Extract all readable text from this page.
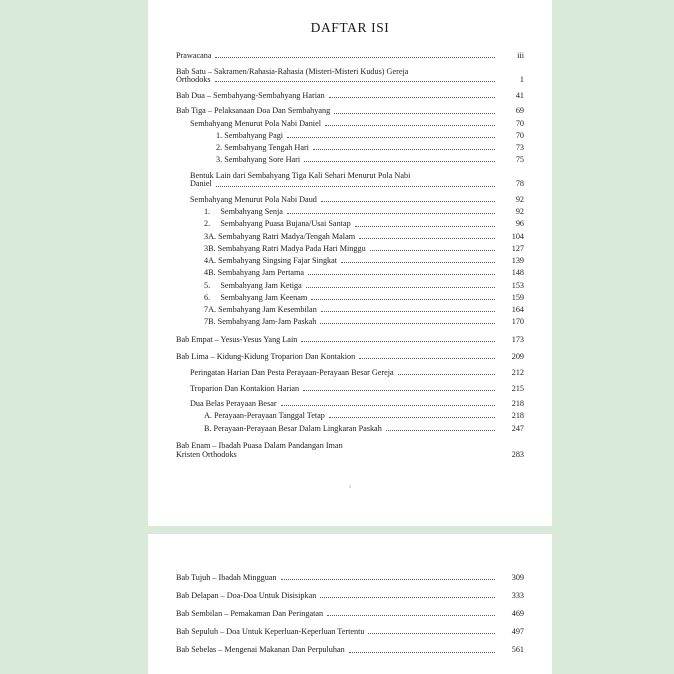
DAFTAR ISI
Prawacana	iii
Bab Satu – Sakramen/Rahasia-Rahasia (Misteri-Misteri Kudus) Gereja
Orthodoks	1
Bab Dua – Sembahyang-Sembahyang Harian	41
Bab Tiga – Pelaksanaan Doa Dan Sembahyang	69
Sembahyang Menurut Pola Nabi Daniel	70
1. Sembahyang Pagi	70
2. Sembahyang Tengah Hari	73
3. Sembahyang Sore Hari	75
Bentuk Lain dari Sembahyang Tiga Kali Sehari Menurut Pola Nabi
Daniel	78
Sembahyang Menurut Pola Nabi Daud	92
1.     Sembahyang Senja	92
2.     Sembahyang Puasa Bujana/Usai Santap	96
3A. Sembahyang Ratri Madya/Tengah Malam	104
3B. Sembahyang Ratri Madya Pada Hari Minggu	127
4A. Sembahyang Singsing Fajar Singkat	139
4B. Sembahyang Jam Pertama	148
5.     Sembahyang Jam Ketiga	153
6.     Sembahyang Jam Keenam	159
7A. Sembahyang Jam Kesembilan	164
7B. Sembahyang Jam-Jam Paskah	170
Bab Empat – Yesus-Yesus Yang Lain	173
Bab Lima – Kidung-Kidung Troparion Dan Kontakion	209
Peringatan Harian Dan Pesta Perayaan-Perayaan Besar Gereja	212
Troparion Dan Kontakion Harian	215
Dua Belas Perayaan Besar	218
A. Perayaan-Perayaan Tanggal Tetap	218
B. Perayaan-Perayaan Besar Dalam Lingkaran Paskah	247
Bab Enam – Ibadah Puasa Dalam Pandangan Iman
Kristen Orthodoks	283
i
Bab Tujuh – Ibadah Mingguan	309
Bab Delapan – Doa-Doa Untuk Disisipkan	333
Bab Sembilan – Pemakaman Dan Peringatan	469
Bab Sepuluh – Doa Untuk Keperluan-Keperluan Tertentu	497
Bab Sebelas – Mengenai Makanan Dan Perpuluhan	561
